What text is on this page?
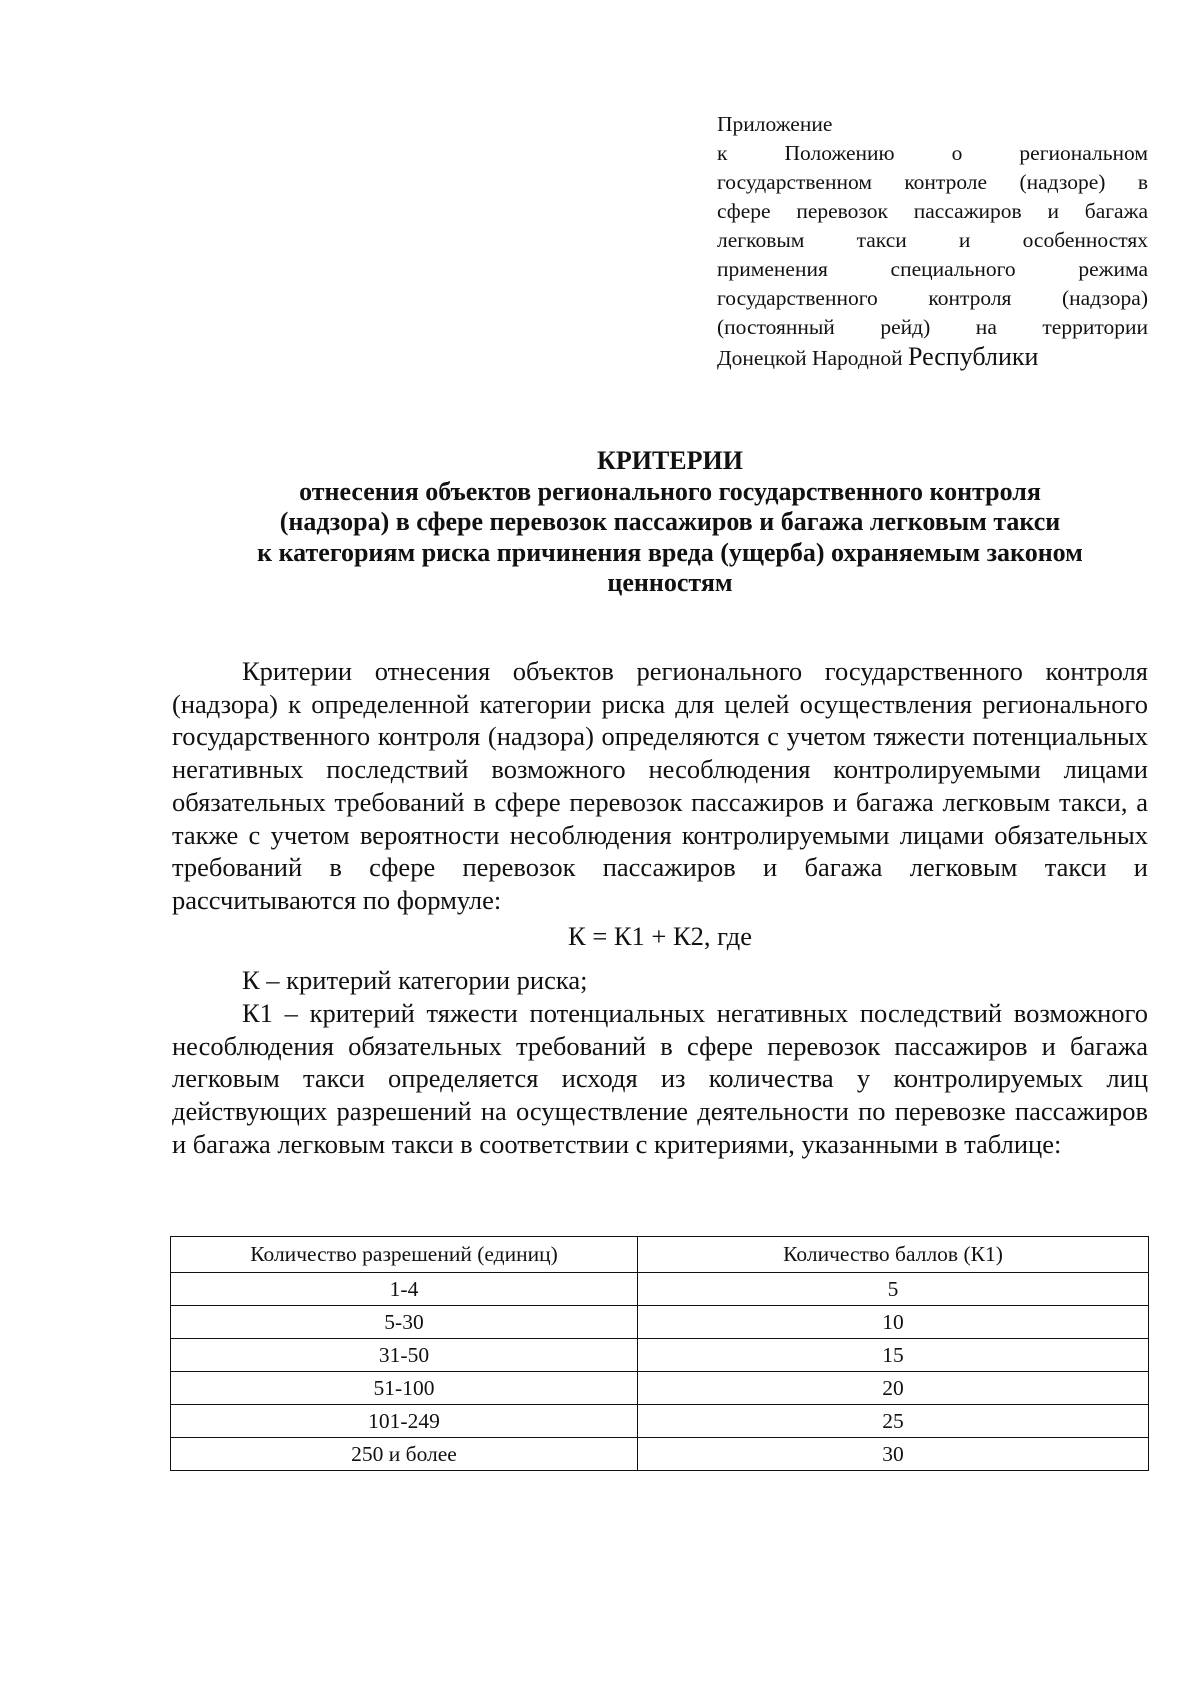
Приложение
к Положению о региональном
государственном контроле (надзоре) в
сфере перевозок пассажиров и багажа
легковым такси и особенностях
применения специального режима
государственного контроля (надзора)
(постоянный рейд) на территории
Донецкой Народной Республики
КРИТЕРИИ
отнесения объектов регионального государственного контроля
(надзора) в сфере перевозок пассажиров и багажа легковым такси
к категориям риска причинения вреда (ущерба) охраняемым законом
ценностям

Критерии отнесения объектов регионального государственного контроля (надзора) к определенной категории риска для целей осуществления регионального государственного контроля (надзора) определяются с учетом тяжести потенциальных негативных последствий возможного несоблюдения контролируемыми лицами обязательных требований в сфере перевозок пассажиров и багажа легковым такси, а также с учетом вероятности несоблюдения контролируемыми лицами обязательных требований в сфере перевозок пассажиров и багажа легковым такси и рассчитываются по формуле:

К = К1 + К2, где

К – критерий категории риска;

К1 – критерий тяжести потенциальных негативных последствий возможного несоблюдения обязательных требований в сфере перевозок пассажиров и багажа легковым такси определяется исходя из количества у контролируемых лиц действующих разрешений на осуществление деятельности по перевозке пассажиров и багажа легковым такси в соответствии с критериями, указанными в таблице:

Количество разрешений (единиц)	Количество баллов (К1)
1-4	5
5-30	10
31-50	15
51-100	20
101-249	25
250 и более	30
